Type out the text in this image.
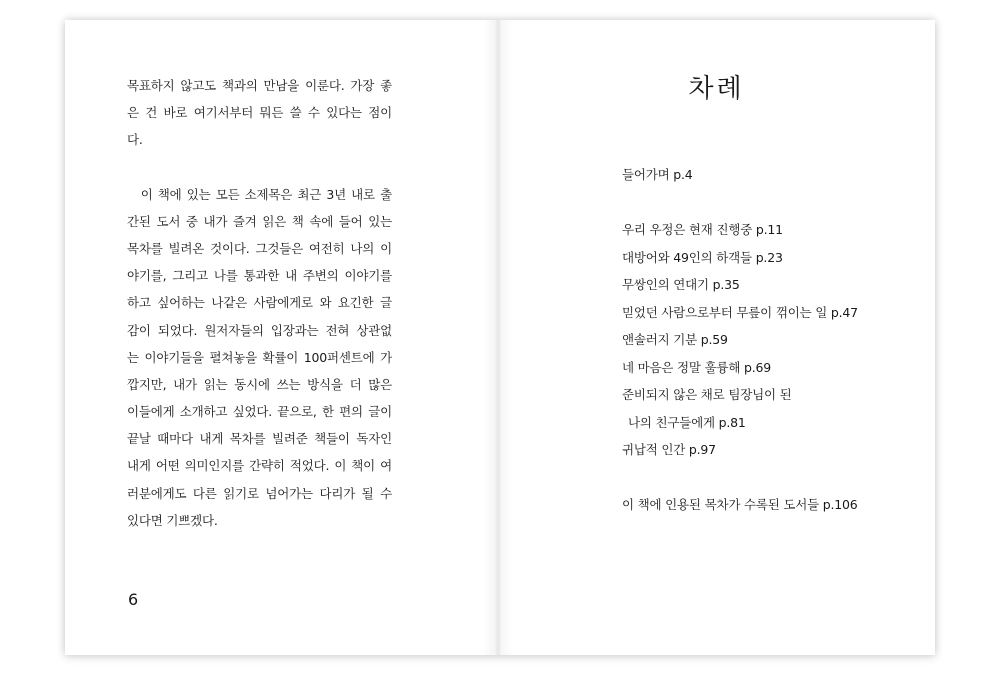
목표하지 않고도 책과의 만남을 이룬다. 가장 좋
은 건 바로 여기서부터 뭐든 쓸 수 있다는 점이
다.
　이 책에 있는 모든 소제목은 최근 3년 내로 출
간된 도서 중 내가 즐겨 읽은 책 속에 들어 있는
목차를 빌려온 것이다. 그것들은 여전히 나의 이
야기를, 그리고 나를 통과한 내 주변의 이야기를
하고 싶어하는 나같은 사람에게로 와 요긴한 글
감이 되었다. 원저자들의 입장과는 전혀 상관없
는 이야기들을 펼쳐놓을 확률이 100퍼센트에 가
깝지만, 내가 읽는 동시에 쓰는 방식을 더 많은
이들에게 소개하고 싶었다. 끝으로, 한 편의 글이
끝날 때마다 내게 목차를 빌려준 책들이 독자인
내게 어떤 의미인지를 간략히 적었다. 이 책이 여
러분에게도 다른 읽기로 넘어가는 다리가 될 수
있다면 기쁘겠다.
6
차례
들어가며 p.4
우리 우정은 현재 진행중 p.11
대방어와 49인의 하객들 p.23
무쌍인의 연대기 p.35
믿었던 사람으로부터 무릎이 꺾이는 일 p.47
앤솔러지 기분 p.59
네 마음은 정말 훌륭해 p.69
준비되지 않은 채로 팀장님이 된
나의 친구들에게 p.81
귀납적 인간 p.97
이 책에 인용된 목차가 수록된 도서들 p.106
